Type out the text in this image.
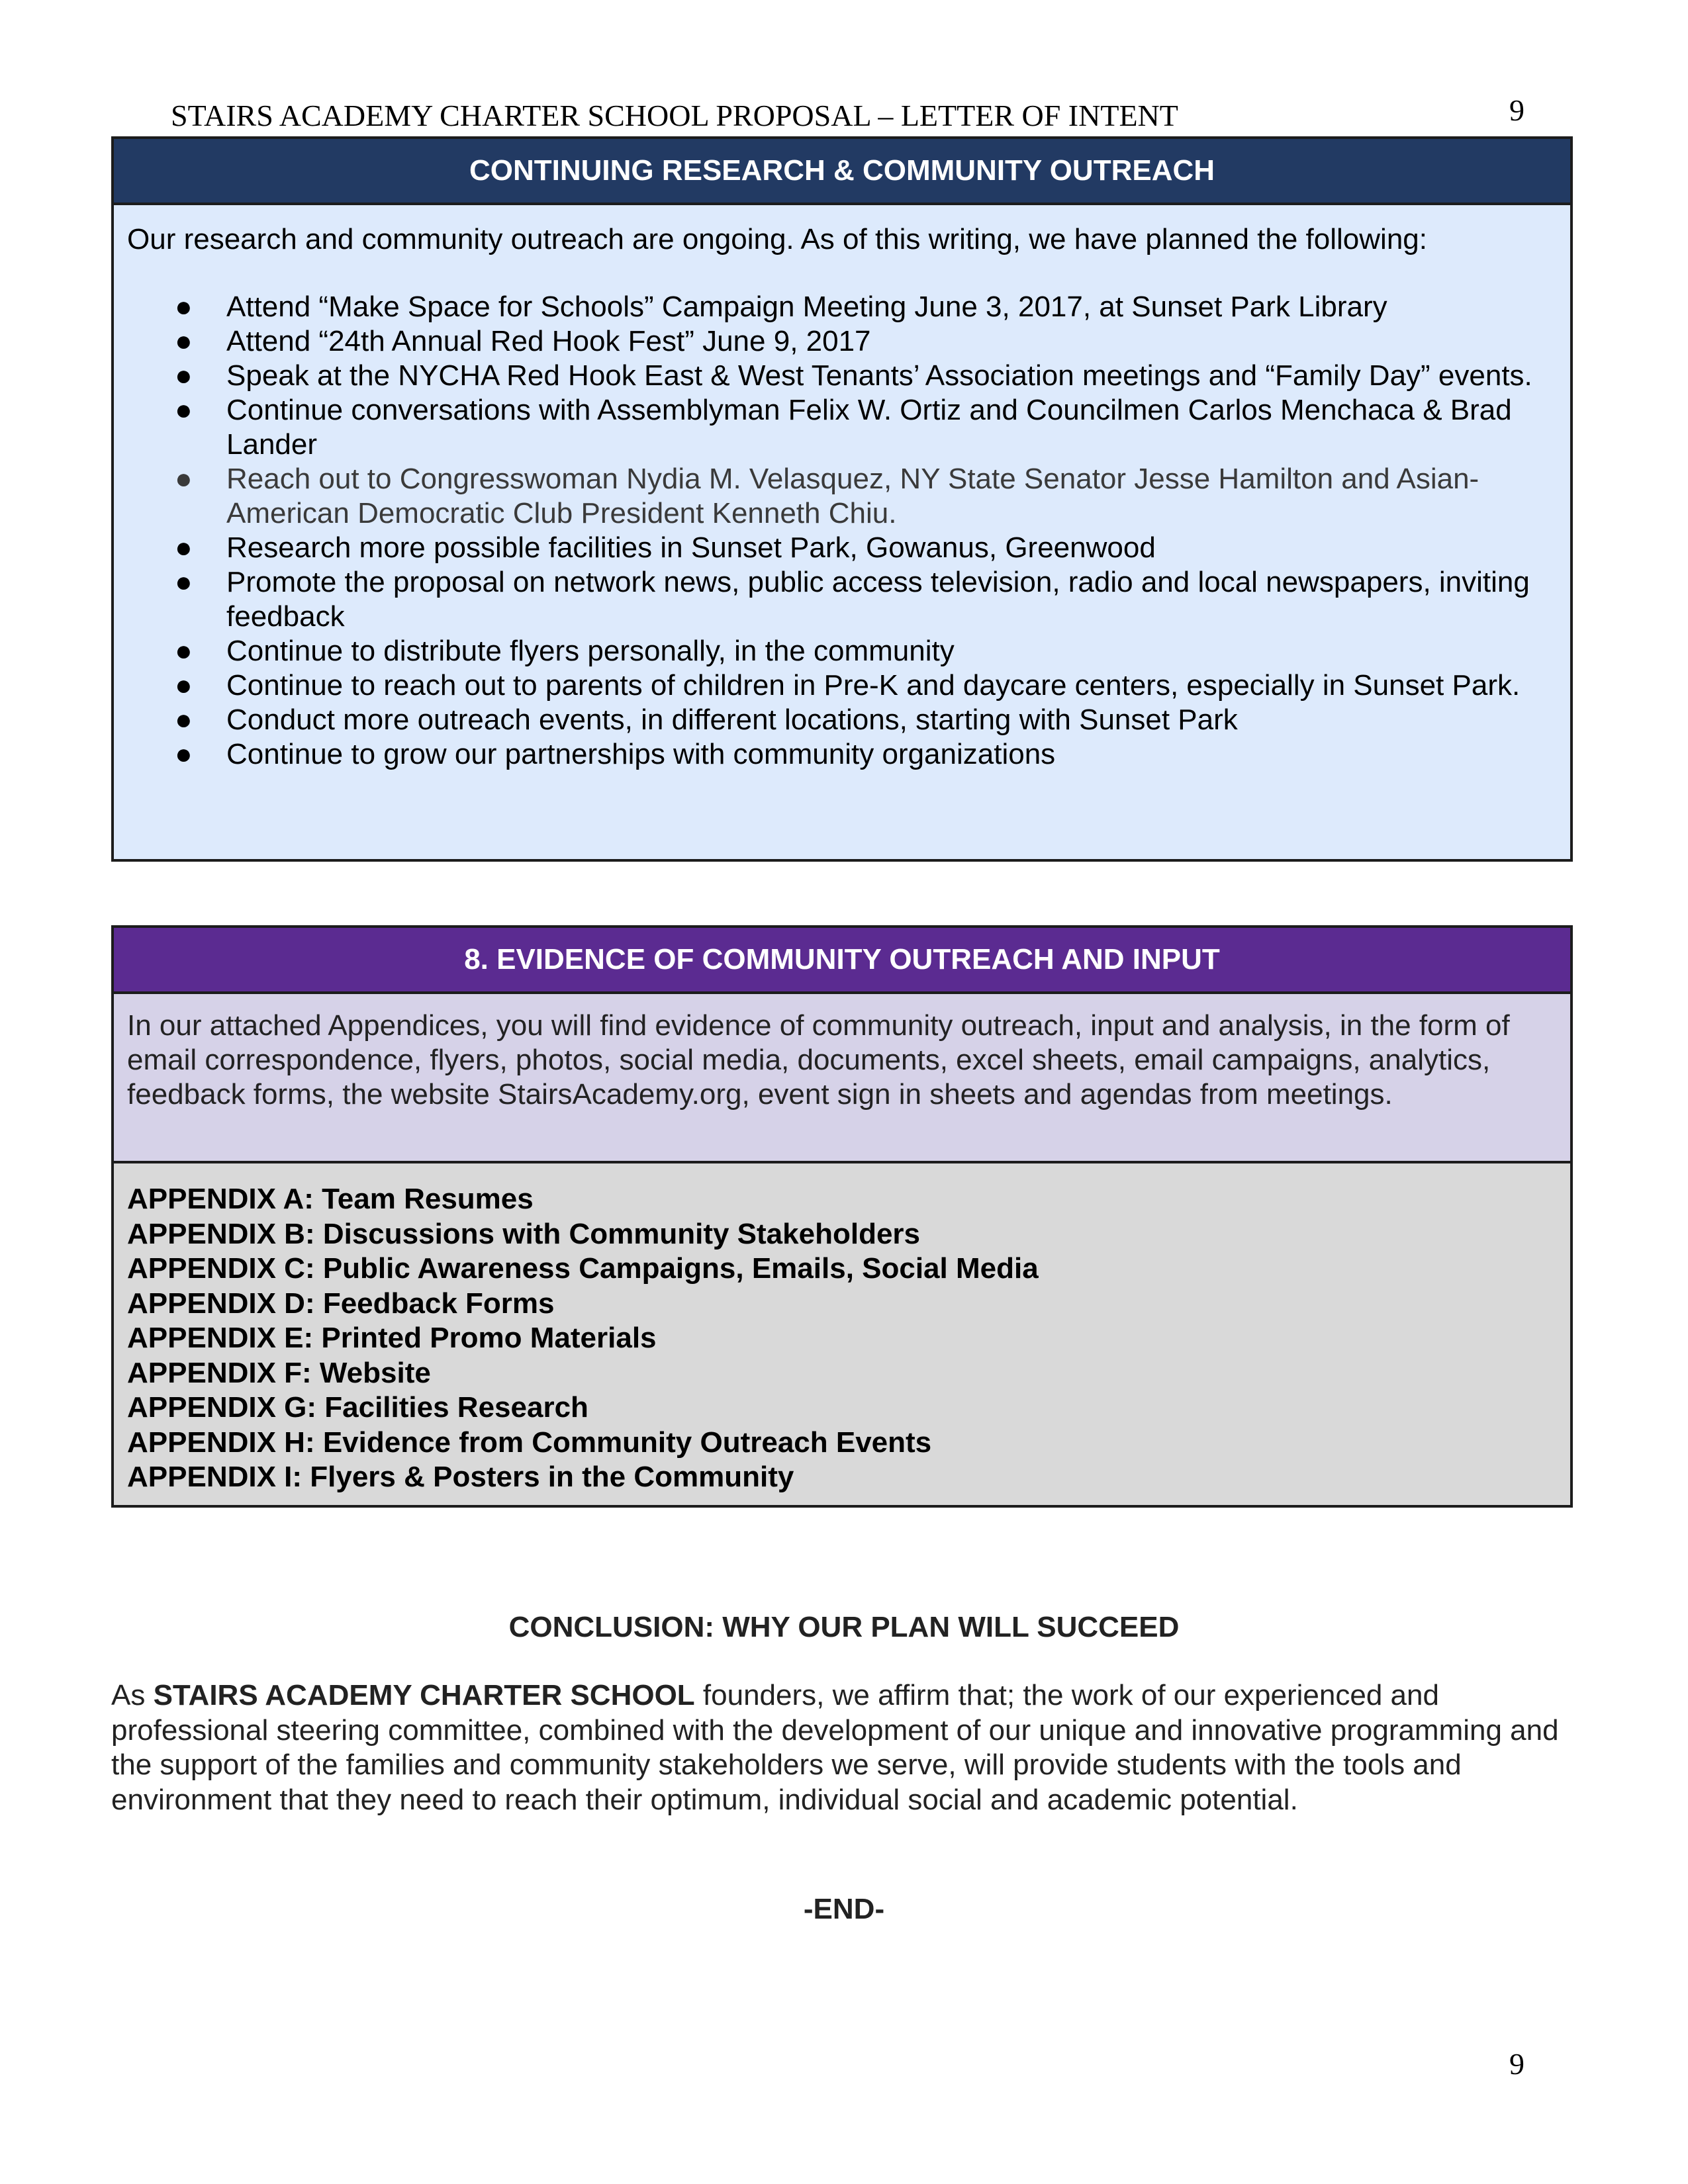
STAIRS ACADEMY CHARTER SCHOOL PROPOSAL – LETTER OF INTENT	9
CONTINUING RESEARCH & COMMUNITY OUTREACH

Our research and community outreach are ongoing. As of this writing, we have planned the following:

● Attend “Make Space for Schools” Campaign Meeting June 3, 2017, at Sunset Park Library
● Attend “24th Annual Red Hook Fest” June 9, 2017
● Speak at the NYCHA Red Hook East & West Tenants’ Association meetings and “Family Day” events.
● Continue conversations with Assemblyman Felix W. Ortiz and Councilmen Carlos Menchaca & Brad Lander
● Reach out to Congresswoman Nydia M. Velasquez, NY State Senator Jesse Hamilton and Asian-American Democratic Club President Kenneth Chiu.
● Research more possible facilities in Sunset Park, Gowanus, Greenwood
● Promote the proposal on network news, public access television, radio and local newspapers, inviting feedback
● Continue to distribute flyers personally, in the community
● Continue to reach out to parents of children in Pre-K and daycare centers, especially in Sunset Park.
● Conduct more outreach events, in different locations, starting with Sunset Park
● Continue to grow our partnerships with community organizations
8. EVIDENCE OF COMMUNITY OUTREACH AND INPUT
In our attached Appendices, you will find evidence of community outreach, input and analysis, in the form of email correspondence, flyers, photos, social media, documents, excel sheets, email campaigns, analytics, feedback forms, the website StairsAcademy.org, event sign in sheets and agendas from meetings.
APPENDIX A: Team Resumes
APPENDIX B: Discussions with Community Stakeholders
APPENDIX C: Public Awareness Campaigns, Emails, Social Media
APPENDIX D: Feedback Forms
APPENDIX E: Printed Promo Materials
APPENDIX F: Website
APPENDIX G: Facilities Research
APPENDIX H: Evidence from Community Outreach Events
APPENDIX I: Flyers & Posters in the Community
CONCLUSION: WHY OUR PLAN WILL SUCCEED
As STAIRS ACADEMY CHARTER SCHOOL founders, we affirm that; the work of our experienced and professional steering committee, combined with the development of our unique and innovative programming and the support of the families and community stakeholders we serve, will provide students with the tools and environment that they need to reach their optimum, individual social and academic potential.
-END-
9
